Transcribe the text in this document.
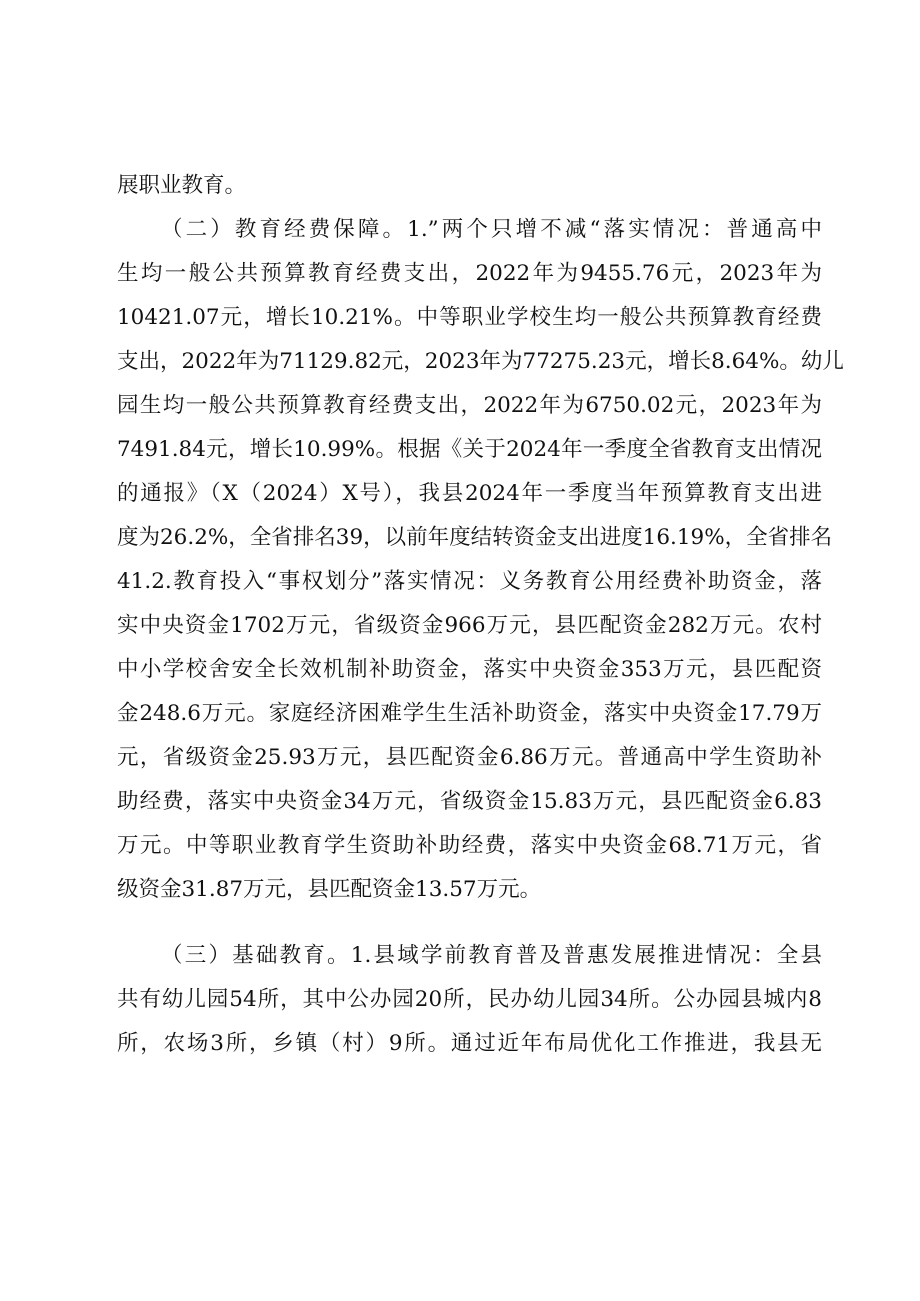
展职业教育。
（二）教育经费保障。1.”两个只增不减“落实情况：普通高中
生均一般公共预算教育经费支出，2022年为9455.76元，2023年为
10421.07元，增长10.21%。中等职业学校生均一般公共预算教育经费
支出，2022年为71129.82元，2023年为77275.23元，增长8.64%。幼儿
园生均一般公共预算教育经费支出，2022年为6750.02元，2023年为
7491.84元，增长10.99%。根据《关于2024年一季度全省教育支出情况
的通报》（X（2024）X号），我县2024年一季度当年预算教育支出进
度为26.2%，全省排名39，以前年度结转资金支出进度16.19%，全省排名
41.2.教育投入“事权划分”落实情况：义务教育公用经费补助资金，落
实中央资金1702万元，省级资金966万元，县匹配资金282万元。农村
中小学校舍安全长效机制补助资金，落实中央资金353万元，县匹配资
金248.6万元。家庭经济困难学生生活补助资金，落实中央资金17.79万
元，省级资金25.93万元，县匹配资金6.86万元。普通高中学生资助补
助经费，落实中央资金34万元，省级资金15.83万元，县匹配资金6.83
万元。中等职业教育学生资助补助经费，落实中央资金68.71万元，省
级资金31.87万元，县匹配资金13.57万元。
（三）基础教育。1.县域学前教育普及普惠发展推进情况：全县
共有幼儿园54所，其中公办园20所，民办幼儿园34所。公办园县城内8
所，农场3所，乡镇（村）9所。通过近年布局优化工作推进，我县无
